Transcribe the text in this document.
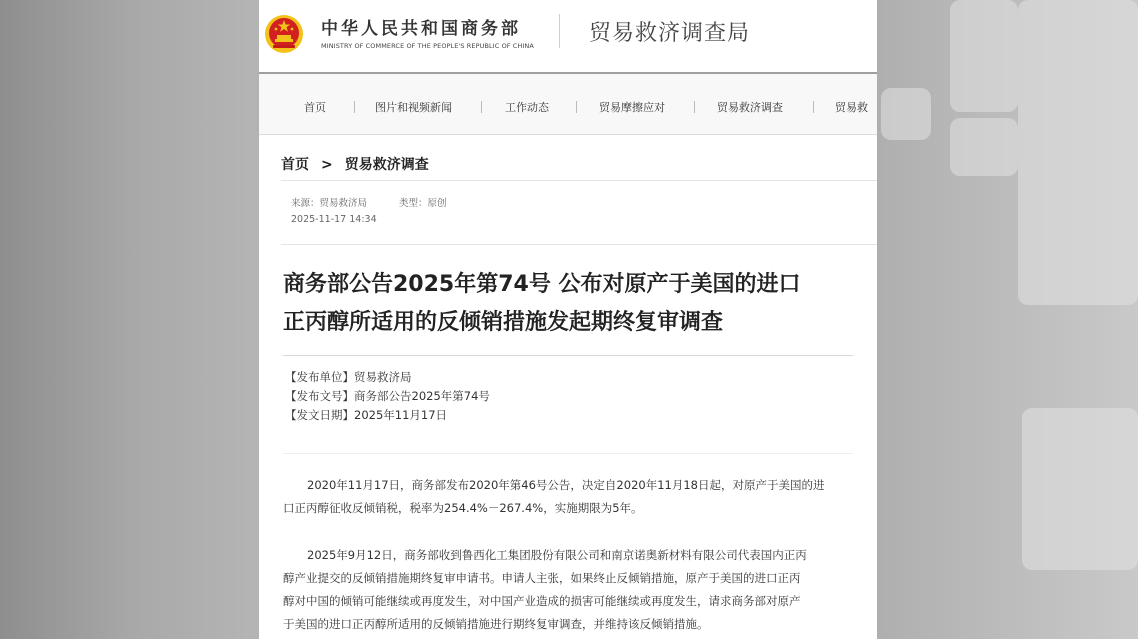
中华人民共和国商务部
MINISTRY OF COMMERCE OF THE PEOPLE'S REPUBLIC OF CHINA	贸易救济调查局
首页	图片和视频新闻	工作动态	贸易摩擦应对	贸易救济调查	贸易救
首页 > 贸易救济调查
来源：贸易救济局	类型：原创
2025-11-17 14:34
商务部公告2025年第74号 公布对原产于美国的进口
正丙醇所适用的反倾销措施发起期终复审调查
【发布单位】贸易救济局
【发布文号】商务部公告2025年第74号
【发文日期】2025年11月17日
2020年11月17日，商务部发布2020年第46号公告，决定自2020年11月18日起，对原产于美国的进
口正丙醇征收反倾销税，税率为254.4%－267.4%，实施期限为5年。
2025年9月12日，商务部收到鲁西化工集团股份有限公司和南京诺奥新材料有限公司代表国内正丙
醇产业提交的反倾销措施期终复审申请书。申请人主张，如果终止反倾销措施，原产于美国的进口正丙
醇对中国的倾销可能继续或再度发生，对中国产业造成的损害可能继续或再度发生，请求商务部对原产
于美国的进口正丙醇所适用的反倾销措施进行期终复审调查，并维持该反倾销措施。
